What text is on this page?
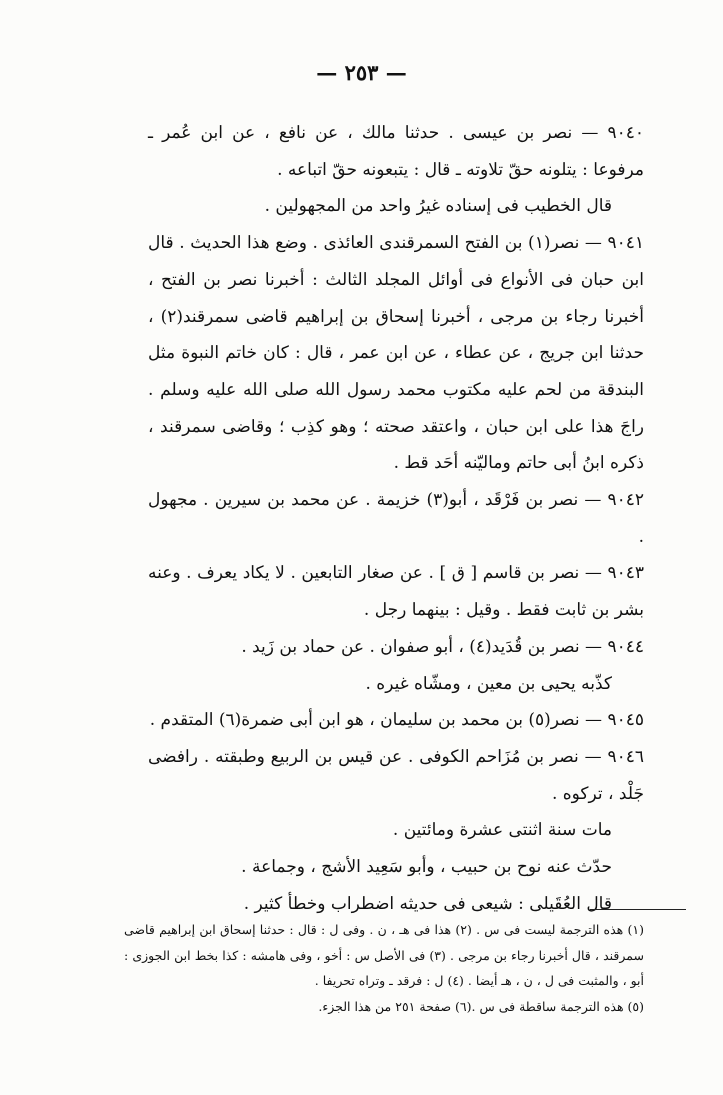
— ٢٥٣ —

٩٠٤٠ — نصر بن عيسى . حدثنا مالك ، عن نافع ، عن ابن عُمر ـ مرفوعا : يتلونه حقّ تلاوته ـ قال : يتبعونه حقّ اتباعه .

قال الخطيب فى إسناده غيرُ واحد من المجهولين .

٩٠٤١ — نصر(١) بن الفتح السمرقندى العائذى . وضع هذا الحديث . قال ابن حبان فى الأنواع فى أوائل المجلد الثالث : أخبرنا نصر بن الفتح ، أخبرنا رجاء بن مرجى ، أخبرنا إسحاق بن إبراهيم قاضى سمرقند(٢) ، حدثنا ابن جريج ، عن عطاء ، عن ابن عمر ، قال : كان خاتم النبوة مثل البندقة من لحم عليه مكتوب محمد رسول الله صلى الله عليه وسلم . راجَ هذا على ابن حبان ، واعتقد صحته ؛ وهو كذِب ؛ وقاضى سمرقند ، ذكره ابنُ أبى حاتم وماليّنه أحَد قط .

٩٠٤٢ — نصر بن فَرْقَد ، أبو(٣) خزيمة . عن محمد بن سيرين . مجهول .

٩٠٤٣ — نصر بن قاسم [ ق ] . عن صغار التابعين . لا يكاد يعرف . وعنه بشر بن ثابت فقط . وقيل : بينهما رجل .

٩٠٤٤ — نصر بن قُدَيد(٤) ، أبو صفوان . عن حماد بن زَيد .

كذّبه يحيى بن معين ، ومشّاه غيره .

٩٠٤٥ — نصر(٥) بن محمد بن سليمان ، هو ابن أبى ضمرة(٦) المتقدم .

٩٠٤٦ — نصر بن مُزَاحم الكوفى . عن قيس بن الربيع وطبقته . رافضى جَلْد ، تركوه .

مات سنة اثنتى عشرة ومائتين .

حدّث عنه نوح بن حبيب ، وأبو سَعِيد الأشج ، وجماعة .

قال العُقَيلى : شيعى فى حديثه اضطراب وخطأ كثير .

(١) هذه الترجمة ليست فى س . (٢) هذا فى هـ ، ن . وفى ل : قال : حدثنا إسحاق ابن إبراهيم قاضى سمرقند ، قال أخبرنا رجاء بن مرجى . (٣) فى الأصل س : أخو ، وفى هامشه : كذا بخط ابن الجوزى : أبو ، والمثبت فى ل ، ن ، هـ أيضا . (٤) ل : فرقد ـ وتراه تحريفا .

(٥) هذه الترجمة ساقطة فى س .(٦) صفحة ٢٥١ من هذا الجزء.
